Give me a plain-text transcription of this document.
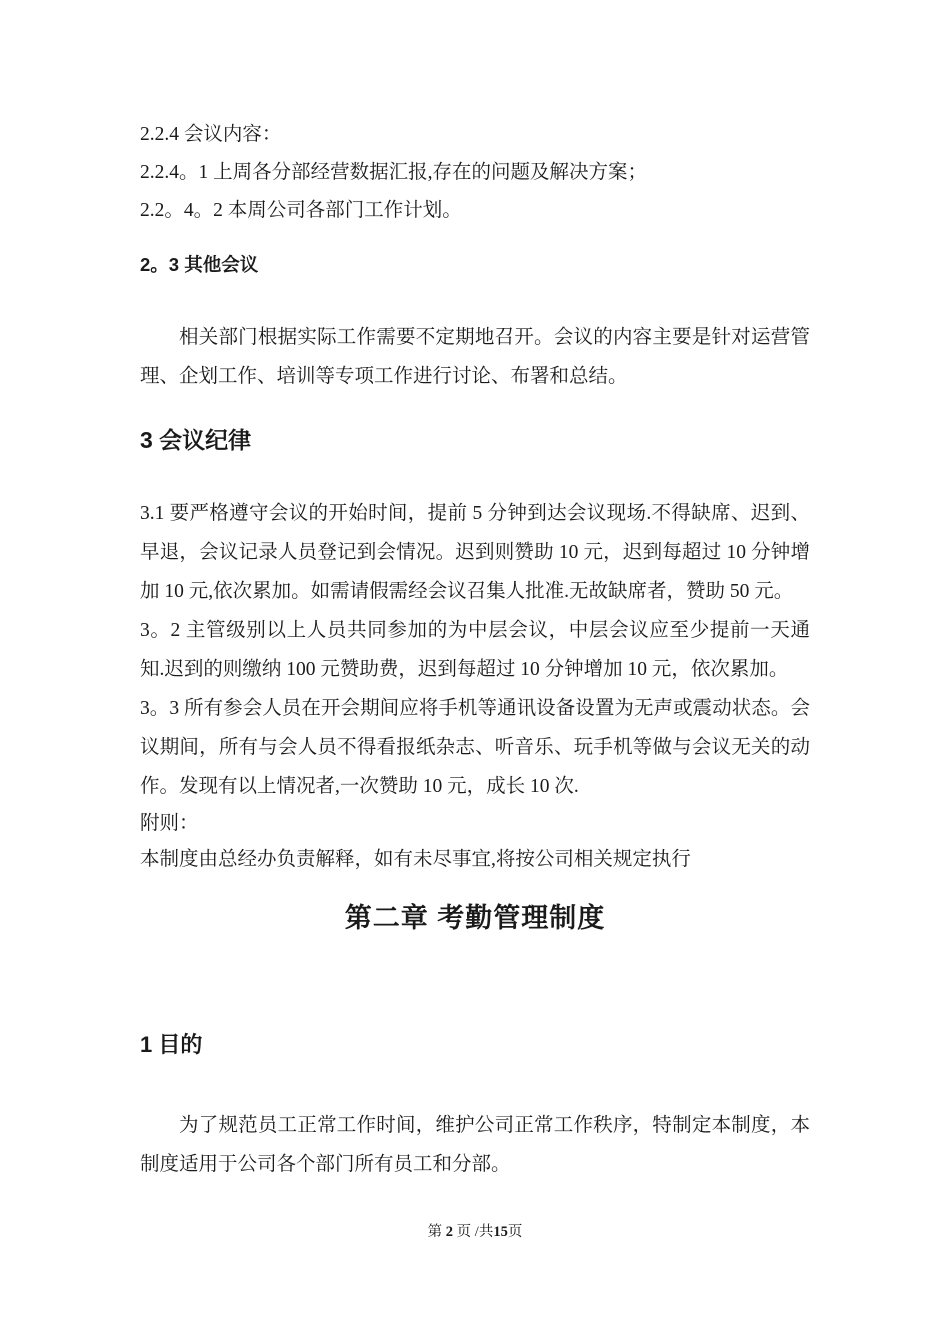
2.2.4 会议内容：

2.2.4。1 上周各分部经营数据汇报,存在的问题及解决方案；

2.2。4。2 本周公司各部门工作计划。

2。3 其他会议

相关部门根据实际工作需要不定期地召开。会议的内容主要是针对运营管理、企划工作、培训等专项工作进行讨论、布署和总结。

3 会议纪律

3.1 要严格遵守会议的开始时间，提前 5 分钟到达会议现场.不得缺席、迟到、早退，会议记录人员登记到会情况。迟到则赞助 10 元，迟到每超过 10 分钟增加 10 元,依次累加。如需请假需经会议召集人批准.无故缺席者，赞助 50 元。

3。2 主管级别以上人员共同参加的为中层会议，中层会议应至少提前一天通知.迟到的则缴纳 100 元赞助费，迟到每超过 10 分钟增加 10 元，依次累加。

3。3 所有参会人员在开会期间应将手机等通讯设备设置为无声或震动状态。会议期间，所有与会人员不得看报纸杂志、听音乐、玩手机等做与会议无关的动作。发现有以上情况者,一次赞助 10 元，成长 10 次.

附则：

本制度由总经办负责解释，如有未尽事宜,将按公司相关规定执行

第二章 考勤管理制度

1 目的

为了规范员工正常工作时间，维护公司正常工作秩序，特制定本制度，本制度适用于公司各个部门所有员工和分部。

第 2 页 /共15页
